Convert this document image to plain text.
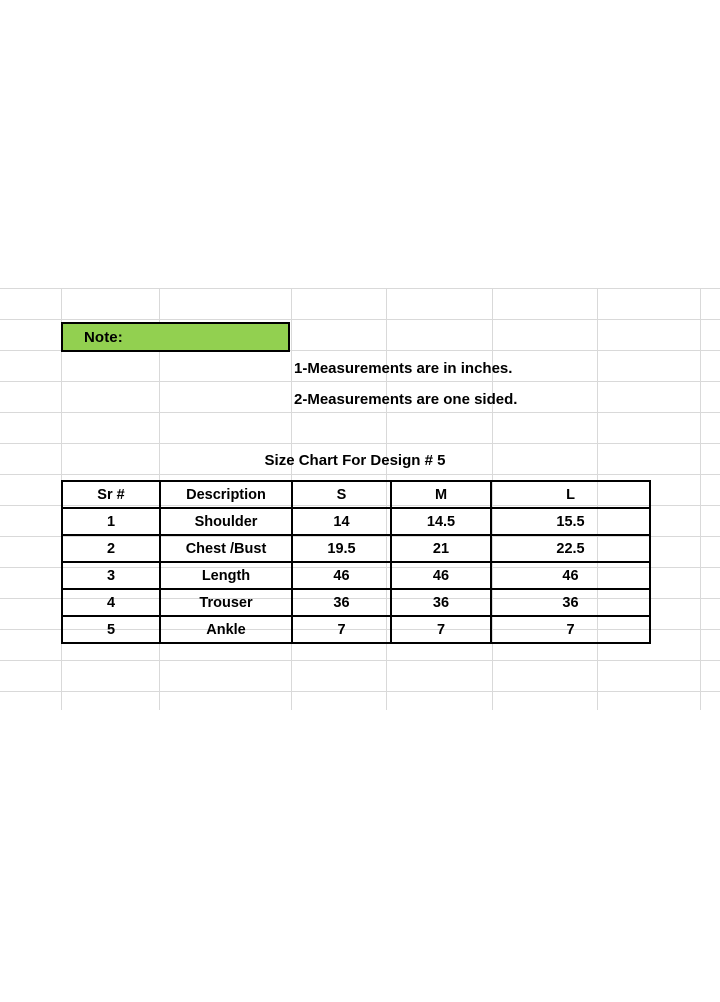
Note:
1-Measurements are in inches.
2-Measurements are one sided.
Size Chart For Design # 5
Sr #	Description	S	M	L
1	Shoulder	14	14.5	15.5
2	Chest /Bust	19.5	21	22.5
3	Length	46	46	46
4	Trouser	36	36	36
5	Ankle	7	7	7
